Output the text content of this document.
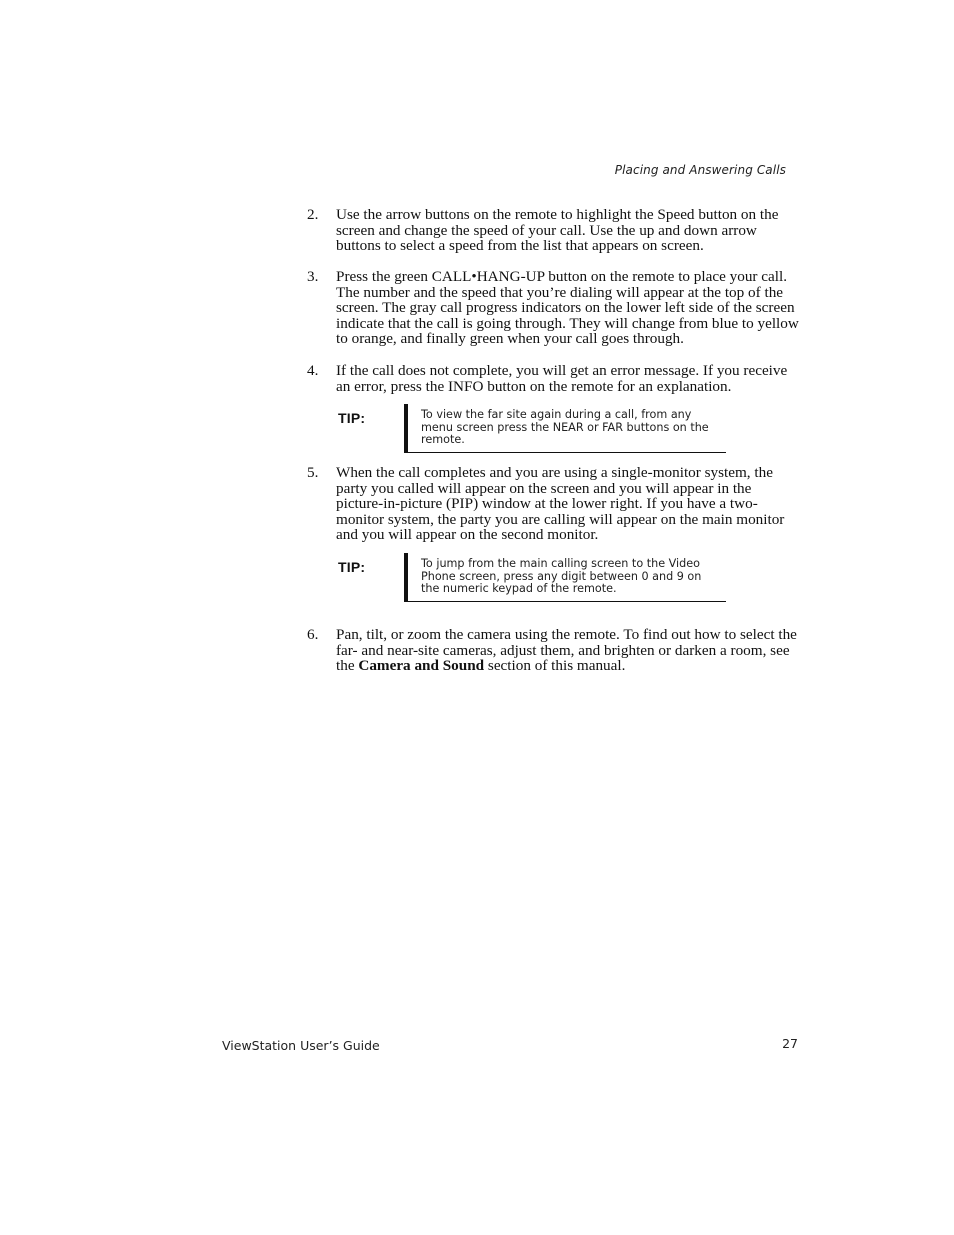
Placing and Answering Calls
2. Use the arrow buttons on the remote to highlight the Speed button on the screen and change the speed of your call. Use the up and down arrow buttons to select a speed from the list that appears on screen.
3. Press the green CALL•HANG-UP button on the remote to place your call. The number and the speed that you’re dialing will appear at the top of the screen. The gray call progress indicators on the lower left side of the screen indicate that the call is going through. They will change from blue to yellow to orange, and finally green when your call goes through.
4. If the call does not complete, you will get an error message. If you receive an error, press the INFO button on the remote for an explanation.
TIP:	To view the far site again during a call, from any menu screen press the NEAR or FAR buttons on the remote.
5. When the call completes and you are using a single-monitor system, the party you called will appear on the screen and you will appear in the picture-in-picture (PIP) window at the lower right. If you have a two-monitor system, the party you are calling will appear on the main monitor and you will appear on the second monitor.
TIP:	To jump from the main calling screen to the Video Phone screen, press any digit between 0 and 9 on the numeric keypad of the remote.
6. Pan, tilt, or zoom the camera using the remote. To find out how to select the far- and near-site cameras, adjust them, and brighten or darken a room, see the Camera and Sound section of this manual.
ViewStation User’s Guide	27
